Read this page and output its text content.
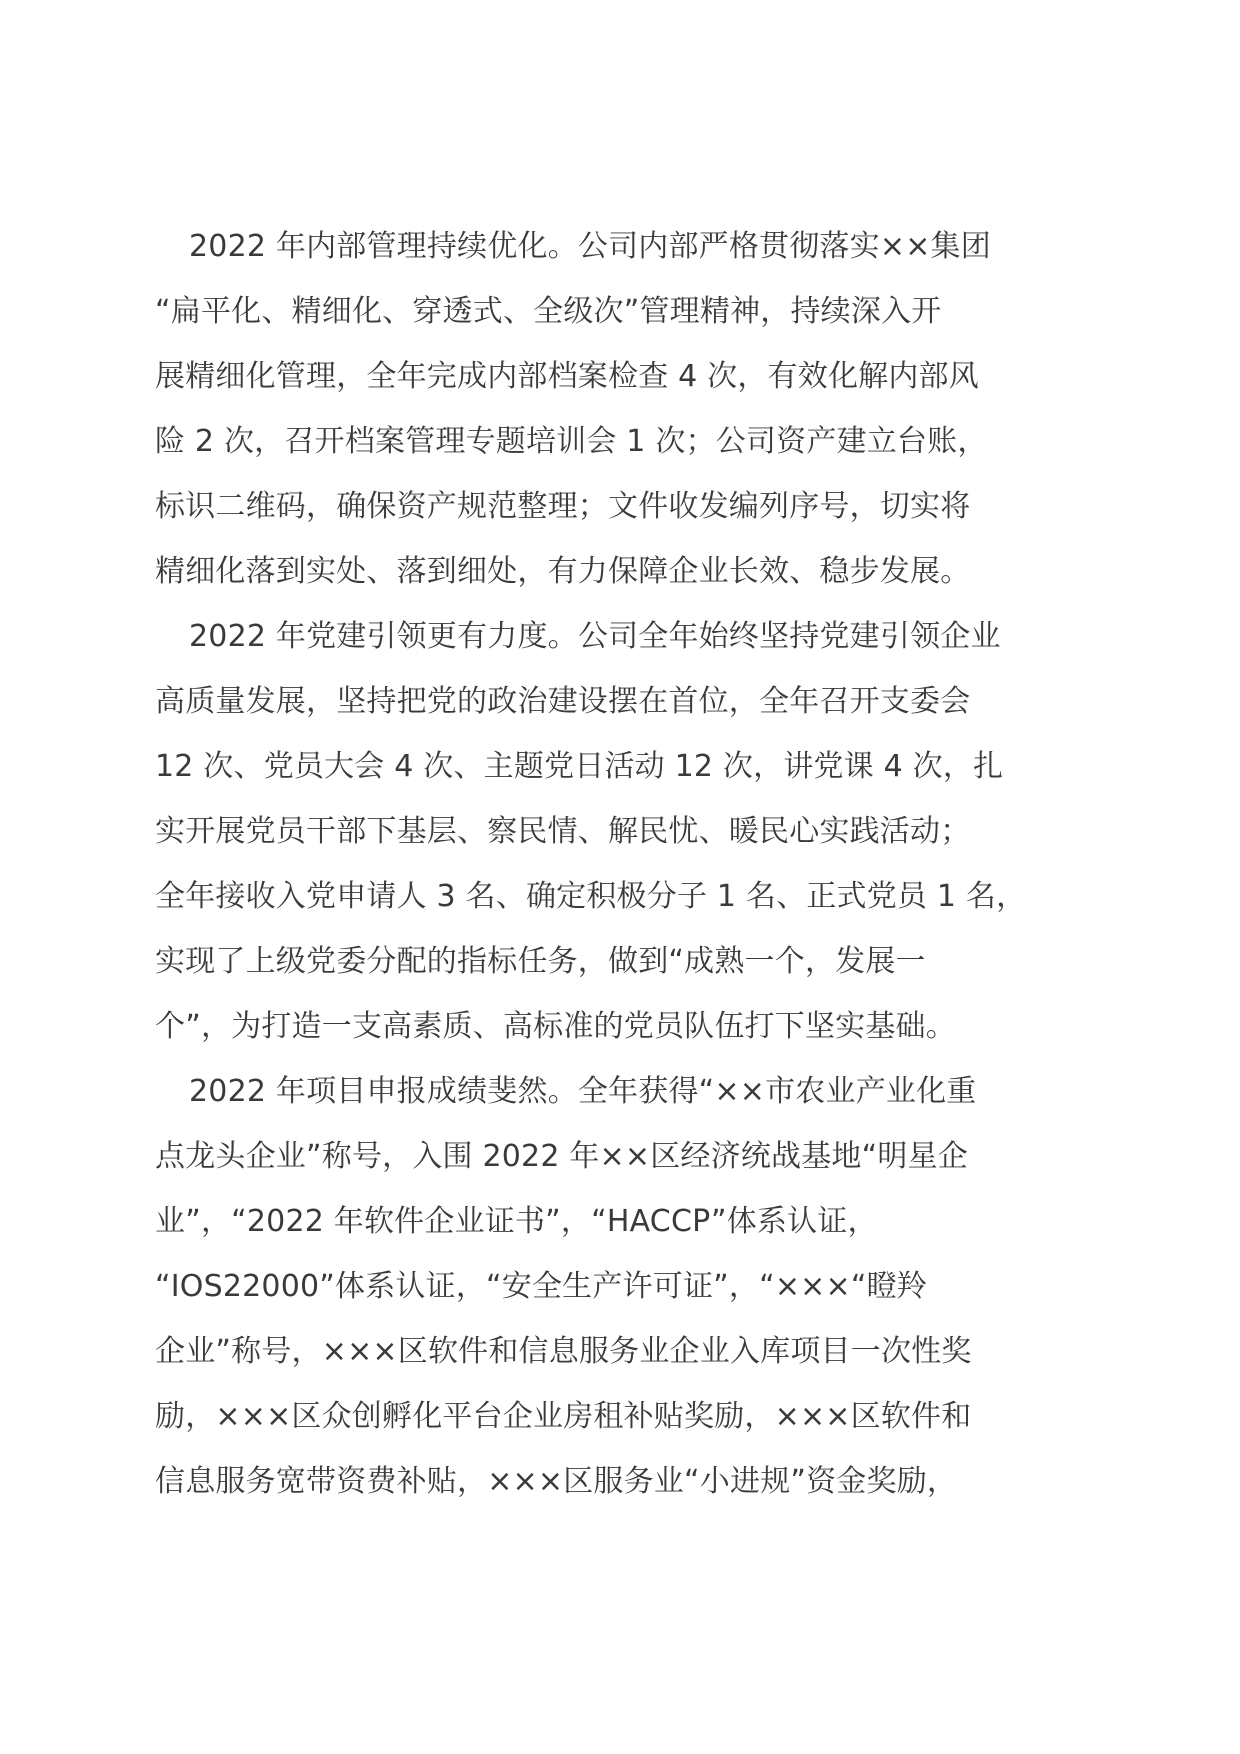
2022 年内部管理持续优化。公司内部严格贯彻落实××集团
“扁平化、精细化、穿透式、全级次”管理精神，持续深入开
展精细化管理，全年完成内部档案检查 4 次，有效化解内部风
险 2 次，召开档案管理专题培训会 1 次；公司资产建立台账，
标识二维码，确保资产规范整理；文件收发编列序号，切实将
精细化落到实处、落到细处，有力保障企业长效、稳步发展。
2022 年党建引领更有力度。公司全年始终坚持党建引领企业
高质量发展，坚持把党的政治建设摆在首位，全年召开支委会
12 次、党员大会 4 次、主题党日活动 12 次，讲党课 4 次，扎
实开展党员干部下基层、察民情、解民忧、暖民心实践活动；
全年接收入党申请人 3 名、确定积极分子 1 名、正式党员 1 名，
实现了上级党委分配的指标任务，做到“成熟一个，发展一
个”，为打造一支高素质、高标准的党员队伍打下坚实基础。
2022 年项目申报成绩斐然。全年获得“××市农业产业化重
点龙头企业”称号，入围 2022 年××区经济统战基地“明星企
业”，“2022 年软件企业证书”，“HACCP”体系认证，
“IOS22000”体系认证，“安全生产许可证”，“×××“瞪羚
企业”称号，×××区软件和信息服务业企业入库项目一次性奖
励，×××区众创孵化平台企业房租补贴奖励，×××区软件和
信息服务宽带资费补贴，×××区服务业“小进规”资金奖励，
